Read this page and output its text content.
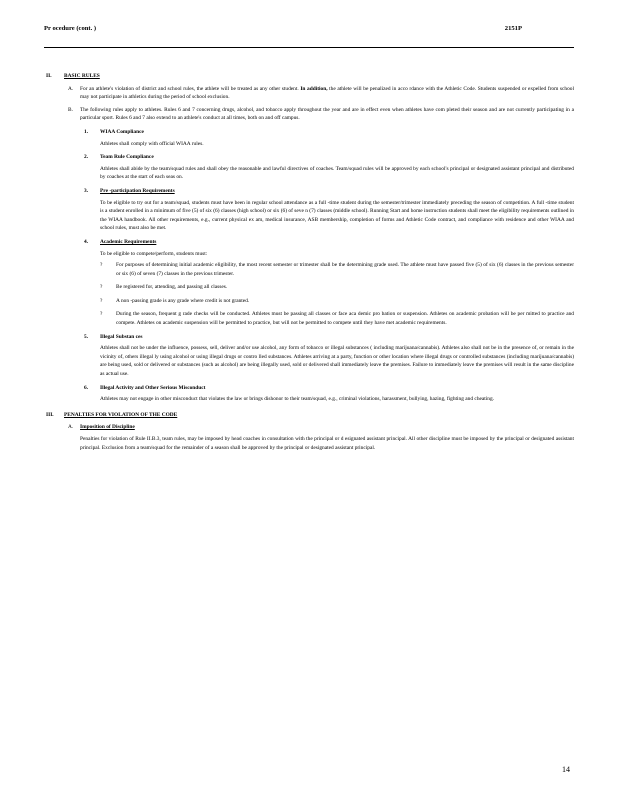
Pr ocedure (cont. )	2151P
II. BASIC RULES
A. For an athlete's violation of district and school rules, the athlete will be treated as any other student. In addition, the athlete will be penalized in acco rdance with the Athletic Code. Students suspended or expelled from school may not participate in athletics during the period of school exclusion.

B. The following rules apply to athletes. Rules 6 and 7 concerning drugs, alcohol, and tobacco apply throughout the year and are in effect even when athletes have com pleted their season and are not currently participating in a particular sport. Rules 6 and 7 also extend to an athlete's conduct at all times, both on and off campus.

1. WIAA Compliance

Athletes shall comply with official WIAA rules.

2. Team Rule Compliance

Athletes shall abide by the team/squad rules and shall obey the reasonable and lawful directives of coaches. Team/squad rules will be approved by each school's principal or designated assistant principal and distributed by coaches at the start of each seas on.

3. Pre -participation Requirements

To be eligible to try out for a team/squad, students must have been in regular school attendance as a full -time student during the semester/trimester immediately preceding the season of competition. A full -time student is a student enrolled in a minimum of five (5) of six (6) classes (high school) or six (6) of seve n (7) classes (middle school). Running Start and home instruction students shall meet the eligibility requirements outlined in the WIAA handbook. All other requirements, e.g., current physical ex am, medical insurance, ASB membership, completion of forms and Athletic Code contract, and compliance with residence and other WIAA and school rules, must also be met.

4. Academic Requirements

To be eligible to compete/perform, students must:

?	For purposes of determining initial academic eligibility, the most recent semester or trimester shall be the determining grade used. The athlete must have passed five (5) of six (6) classes in the previous semester or six (6) of seven (7) classes in the previous trimester.

?	Be registered for, attending, and passing all classes.

?	A non -passing grade is any grade where credit is not granted.

?	During the season, frequent g rade checks will be conducted. Athletes must be passing all classes or face aca demic pro bation or suspension. Athletes on academic probation will be per mitted to practice and compete. Athletes on academic suspension will be permitted to practice, but will not be permitted to compete until they have met academic requirements.

5. Illegal Substan ces

Athletes shall not be under the influence, possess, sell, deliver and/or use alcohol, any form of tobacco or illegal substances ( including marijuana/cannabis). Athletes also shall not be in the presence of, or remain in the vicinity of, others illegal ly using alcohol or using illegal drugs or contro lled substances. Athletes arriving at a party, function or other location where illegal drugs or controlled substances (including marijuana/cannabis) are being used, sold or delivered or substances (such as alcohol) are being illegally used, sold or delivered shall immediately leave the premises. Failure to immediately leave the premises will result in the same discipline as actual use.

6. Illegal Activity and Other Serious Misconduct

Athletes may not engage in other misconduct that violates the law or brings dishonor to their team/squad, e.g., criminal violations, harassment, bullying, hazing, fighting and cheating.

III. PENALTIES FOR VIOLATION OF THE CODE
A. Imposition of Discipline

Penalties for violation of Rule II.B.3, team rules, may be imposed by head coaches in consultation with the principal or d esignated assistant principal. All other discipline must be imposed by the principal or designated assistant principal. Exclusion from a team/squad for the remainder of a season shall be approved by the principal or designated assistant principal.

14
